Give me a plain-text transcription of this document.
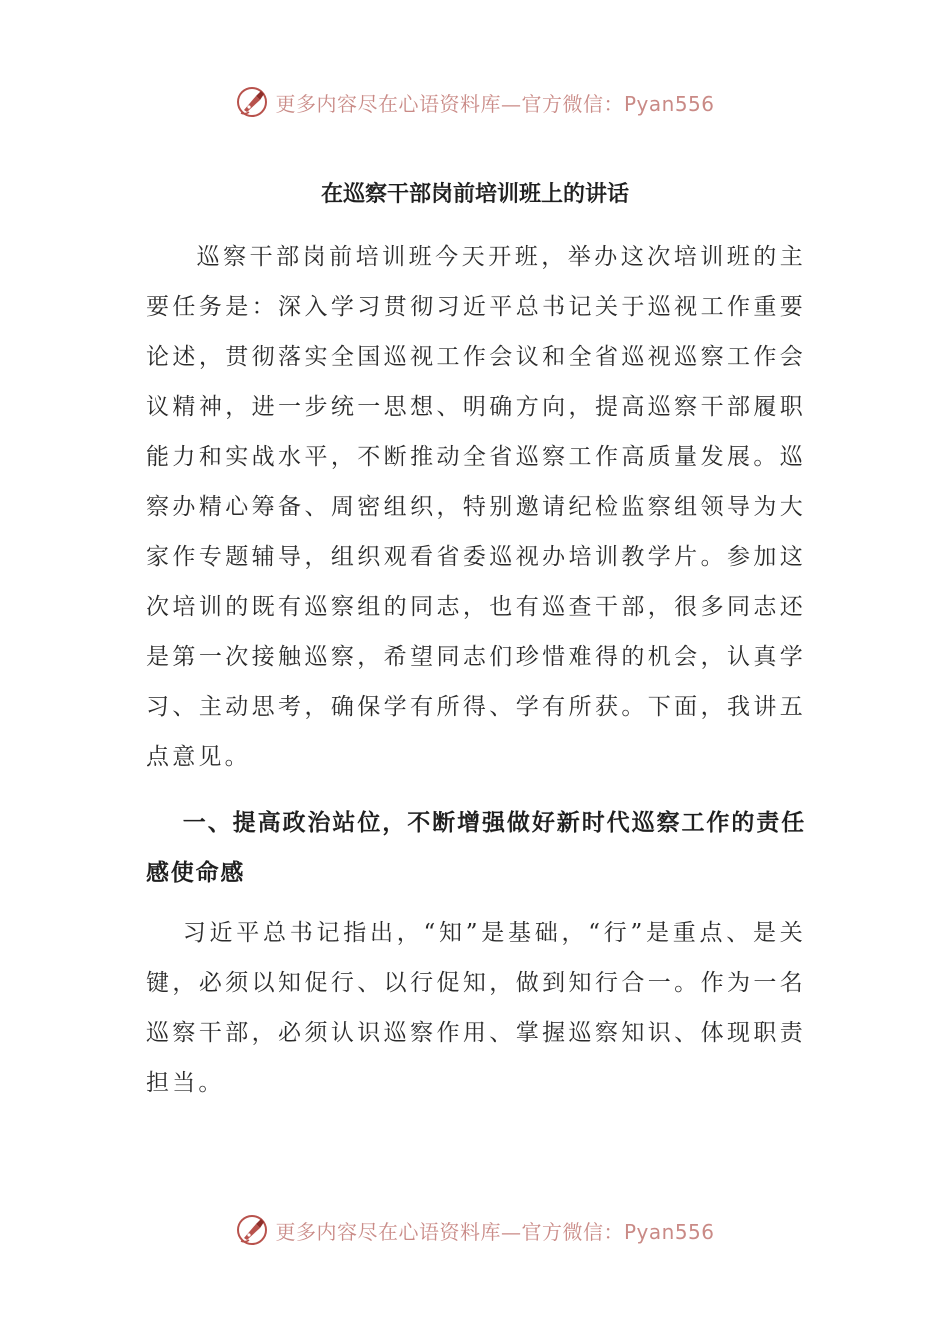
更多内容尽在心语资料库—官方微信：Pyan556
在巡察干部岗前培训班上的讲话

巡察干部岗前培训班今天开班，举办这次培训班的主要任务是：深入学习贯彻习近平总书记关于巡视工作重要论述，贯彻落实全国巡视工作会议和全省巡视巡察工作会议精神，进一步统一思想、明确方向，提高巡察干部履职能力和实战水平，不断推动全省巡察工作高质量发展。巡察办精心筹备、周密组织，特别邀请纪检监察组领导为大家作专题辅导，组织观看省委巡视办培训教学片。参加这次培训的既有巡察组的同志，也有巡查干部，很多同志还是第一次接触巡察，希望同志们珍惜难得的机会，认真学习、主动思考，确保学有所得、学有所获。下面，我讲五点意见。

一、提高政治站位，不断增强做好新时代巡察工作的责任感使命感

习近平总书记指出，“知”是基础，“行”是重点、是关键，必须以知促行、以行促知，做到知行合一。作为一名巡察干部，必须认识巡察作用、掌握巡察知识、体现职责担当。

更多内容尽在心语资料库—官方微信：Pyan556
